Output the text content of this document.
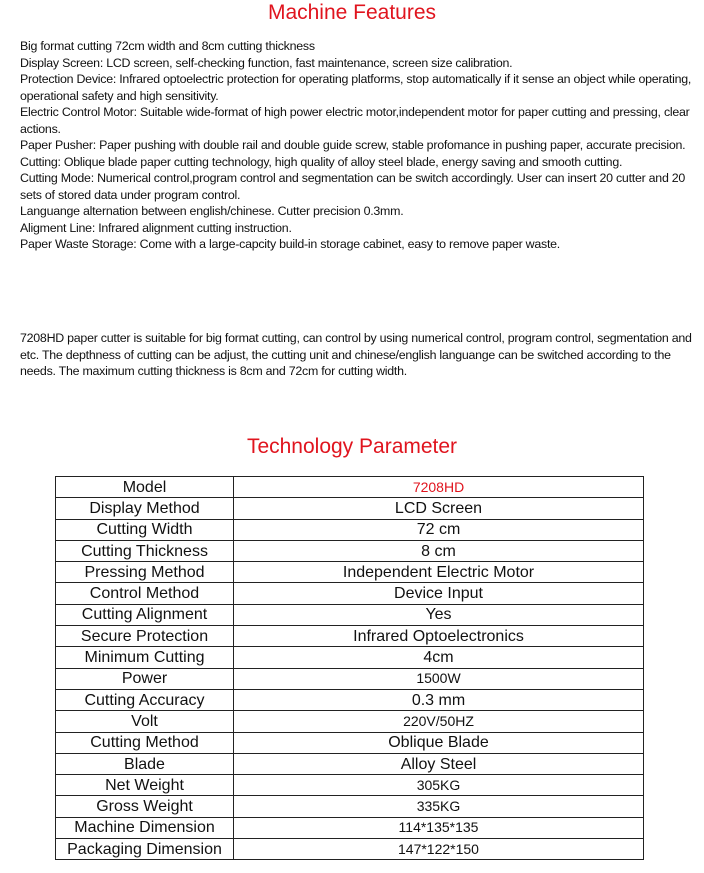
Machine Features

Big format cutting 72cm width and 8cm cutting thickness

Display Screen: LCD screen, self-checking function, fast maintenance, screen size calibration.

Protection Device: Infrared optoelectric protection for operating platforms, stop automatically if it sense an object while operating, operational safety and high sensitivity.

Electric Control Motor: Suitable wide-format of high power electric motor,independent motor for paper cutting and pressing, clear actions.

Paper Pusher: Paper pushing with double rail and double guide screw, stable profomance in pushing paper, accurate precision.

Cutting: Oblique blade paper cutting technology, high quality of alloy steel blade, energy saving and smooth cutting.

Cutting Mode: Numerical control,program control and segmentation can be switch accordingly. User can insert 20 cutter and 20 sets of stored data under program control.

Languange alternation between english/chinese. Cutter precision 0.3mm.

Aligment Line: Infrared alignment cutting instruction.

Paper Waste Storage: Come with a large-capcity build-in storage cabinet, easy to remove paper waste.

7208HD paper cutter is suitable for big format cutting, can control by using numerical control, program control, segmentation and etc. The depthness of cutting can be adjust, the cutting unit and chinese/english languange can be switched according to the needs. The maximum cutting thickness is 8cm and 72cm for cutting width.

Technology Parameter
Model	7208HD
Display Method	LCD Screen
Cutting Width	72 cm
Cutting Thickness	8 cm
Pressing Method	Independent Electric Motor
Control Method	Device Input
Cutting Alignment	Yes
Secure Protection	Infrared Optoelectronics
Minimum Cutting	4cm
Power	1500W
Cutting Accuracy	0.3 mm
Volt	220V/50HZ
Cutting Method	Oblique Blade
Blade	Alloy Steel
Net Weight	305KG
Gross Weight	335KG
Machine Dimension	114*135*135
Packaging Dimension	147*122*150
